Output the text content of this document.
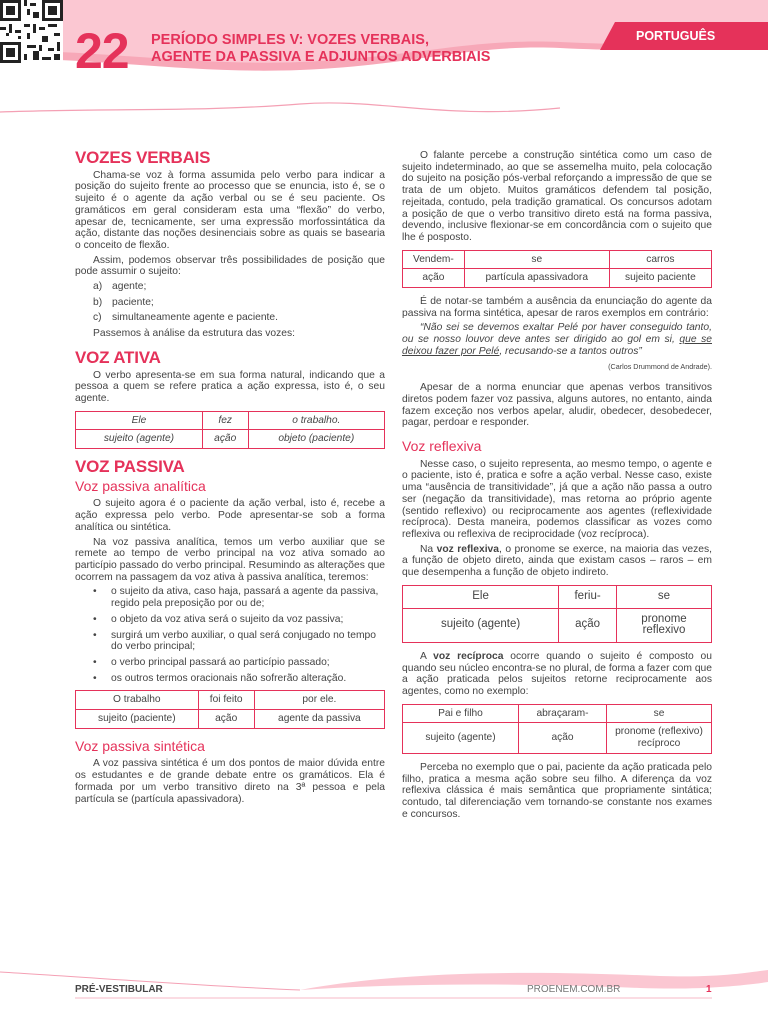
22 PERÍODO SIMPLES V: VOZES VERBAIS,
AGENTE DA PASSIVA E ADJUNTOS ADVERBIAIS
PORTUGUÊS
VOZES VERBAIS

Chama-se voz à forma assumida pelo verbo para indicar a posição do sujeito frente ao processo que se enuncia, isto é, se o sujeito é o agente da ação verbal ou se é seu paciente. Os gramáticos em geral consideram esta uma “flexão” do verbo, apesar de, tecnicamente, ser uma expressão morfossintática da ação, distante das noções desinenciais sobre as quais se basearia o conceito de flexão.

Assim, podemos observar três possibilidades de posição que pode assumir o sujeito:

a) agente;
b) paciente;
c) simultaneamente agente e paciente.

Passemos à análise da estrutura das vozes:

VOZ ATIVA

O verbo apresenta-se em sua forma natural, indicando que a pessoa a quem se refere pratica a ação expressa, isto é, o seu agente.

Ele	fez	o trabalho.
sujeito (agente)	ação	objeto (paciente)
VOZ PASSIVA
Voz passiva analítica

O sujeito agora é o paciente da ação verbal, isto é, recebe a ação expressa pelo verbo. Pode apresentar-se sob a forma analítica ou sintética.

Na voz passiva analítica, temos um verbo auxiliar que se remete ao tempo de verbo principal na voz ativa somado ao particípio passado do verbo principal. Resumindo as alterações que ocorrem na passagem da voz ativa à passiva analítica, teremos:

• o sujeito da ativa, caso haja, passará a agente da passiva, regido pela preposição por ou de;
• o objeto da voz ativa será o sujeito da voz passiva;
• surgirá um verbo auxiliar, o qual será conjugado no tempo do verbo principal;
• o verbo principal passará ao particípio passado;
• os outros termos oracionais não sofrerão alteração.
O trabalho	foi feito	por ele.
sujeito (paciente)	ação	agente da passiva
Voz passiva sintética

A voz passiva sintética é um dos pontos de maior dúvida entre os estudantes e de grande debate entre os gramáticos. Ela é formada por um verbo transitivo direto na 3ª pessoa e pela partícula se (partícula apassivadora).

O falante percebe a construção sintética como um caso de sujeito indeterminado, ao que se assemelha muito, pela colocação do sujeito na posição pós-verbal reforçando a impressão de que se trata de um objeto. Muitos gramáticos defendem tal posição, rejeitada, contudo, pela tradição gramatical. Os concursos adotam a posição de que o verbo transitivo direto está na forma passiva, devendo, inclusive flexionar-se em concordância com o sujeito que lhe é posposto.

Vendem-	se	carros
ação	partícula apassivadora	sujeito paciente

É de notar-se também a ausência da enunciação do agente da passiva na forma sintética, apesar de raros exemplos em contrário:

“Não sei se devemos exaltar Pelé por haver conseguido tanto, ou se nosso louvor deve antes ser dirigido ao gol em si, que se deixou fazer por Pelé, recusando-se a tantos outros”

(Carlos Drummond de Andrade).

Apesar de a norma enunciar que apenas verbos transitivos diretos podem fazer voz passiva, alguns autores, no entanto, ainda fazem exceção nos verbos apelar, aludir, obedecer, desobedecer, pagar, perdoar e responder.

Voz reflexiva

Nesse caso, o sujeito representa, ao mesmo tempo, o agente e o paciente, isto é, pratica e sofre a ação verbal. Nesse caso, existe uma “ausência de transitividade”, já que a ação não passa a outro ser (negação da transitividade), mas retorna ao próprio agente (sentido reflexivo) ou reciprocamente aos agentes (reflexividade recíproca). Desta maneira, podemos classificar as vozes como reflexiva ou reflexiva de reciprocidade (voz recíproca).

Na voz reflexiva, o pronome se exerce, na maioria das vezes, a função de objeto direto, ainda que existam casos – raros – em que desempenha a função de objeto indireto.

Ele	feriu-	se
sujeito (agente)	ação	pronome reflexivo

A voz recíproca ocorre quando o sujeito é composto ou quando seu núcleo encontra-se no plural, de forma a fazer com que a ação praticada pelos sujeitos retorne reciprocamente aos agentes, como no exemplo:

Pai e filho	abraçaram-	se
sujeito (agente)	ação	pronome (reflexivo) recíproco

Perceba no exemplo que o pai, paciente da ação praticada pelo filho, pratica a mesma ação sobre seu filho. A diferença da voz reflexiva clássica é mais semântica que propriamente sintática; contudo, tal diferenciação vem tornando-se constante nos exames e concursos.

PRÉ-VESTIBULAR	PROENEM.COM.BR	1
